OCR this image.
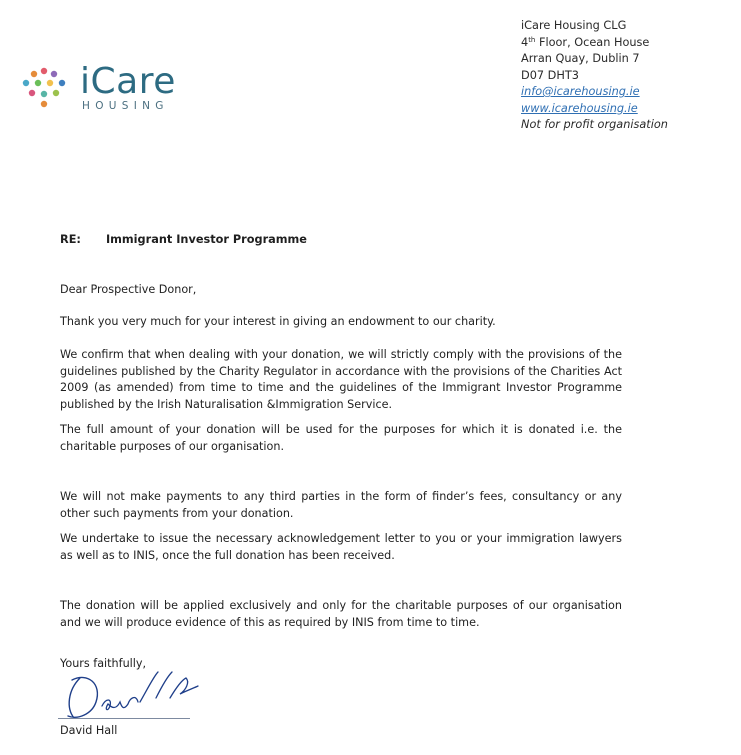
iCare
HOUSING
iCare Housing CLG
4th Floor, Ocean House
Arran Quay, Dublin 7
D07 DHT3
info@icarehousing.ie
www.icarehousing.ie
Not for profit organisation
RE: Immigrant Investor Programme
Dear Prospective Donor,
Thank you very much for your interest in giving an endowment to our charity.
We confirm that when dealing with your donation, we will strictly comply with the provisions of the guidelines published by the Charity Regulator in accordance with the provisions of the Charities Act 2009 (as amended) from time to time and the guidelines of the Immigrant Investor Programme published by the Irish Naturalisation &Immigration Service.
The full amount of your donation will be used for the purposes for which it is donated i.e. the charitable purposes of our organisation.
We will not make payments to any third parties in the form of finder’s fees, consultancy or any other such payments from your donation.
We undertake to issue the necessary acknowledgement letter to you or your immigration lawyers as well as to INIS, once the full donation has been received.
The donation will be applied exclusively and only for the charitable purposes of our organisation and we will produce evidence of this as required by INIS from time to time.
Yours faithfully,
David Hall
